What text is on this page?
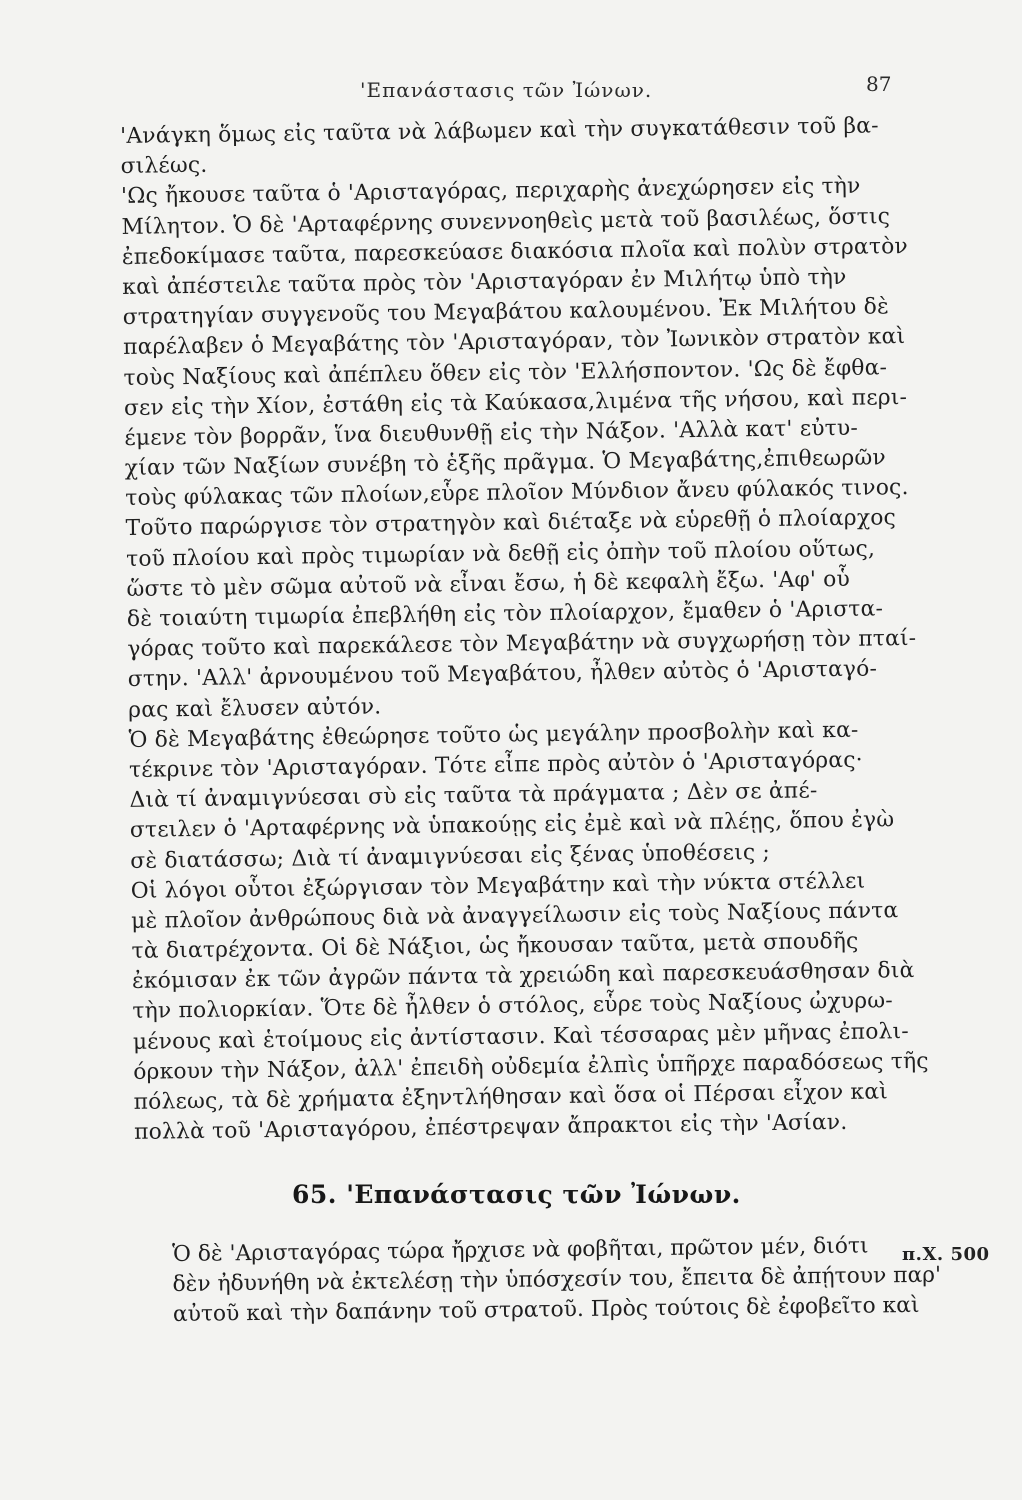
'Επανάστασις τῶν Ἰώνων.	87
'Ανάγκη ὅμως εἰς ταῦτα νὰ λάβωμεν καὶ τὴν συγκατάθεσιν τοῦ βα-
σιλέως.
'Ως ἤκουσε ταῦτα ὁ 'Αρισταγόρας, περιχαρὴς ἀνεχώρησεν εἰς τὴν
Μίλητον. Ὁ δὲ 'Αρταφέρνης συνεννοηθεὶς μετὰ τοῦ βασιλέως, ὅστις
ἐπεδοκίμασε ταῦτα, παρεσκεύασε διακόσια πλοῖα καὶ πολὺν στρατὸν
καὶ ἀπέστειλε ταῦτα πρὸς τὸν 'Αρισταγόραν ἐν Μιλήτῳ ὑπὸ τὴν
στρατηγίαν συγγενοῦς του Μεγαβάτου καλουμένου. Ἐκ Μιλήτου δὲ
παρέλαβεν ὁ Μεγαβάτης τὸν 'Αρισταγόραν, τὸν Ἰωνικὸν στρατὸν καὶ
τοὺς Ναξίους καὶ ἀπέπλευ ὅθεν εἰς τὸν 'Ελλήσποντον. 'Ως δὲ ἔφθα-
σεν εἰς τὴν Χίον, ἐστάθη εἰς τὰ Καύκασα,λιμένα τῆς νήσου, καὶ περι-
έμενε τὸν βορρᾶν, ἵνα διευθυνθῇ εἰς τὴν Νάξον. 'Αλλὰ κατ' εὐτυ-
χίαν τῶν Ναξίων συνέβη τὸ ἑξῆς πρᾶγμα. Ὁ Μεγαβάτης,ἐπιθεωρῶν
τοὺς φύλακας τῶν πλοίων,εὗρε πλοῖον Μύνδιον ἄνευ φύλακός τινος.
Τοῦτο παρώργισε τὸν στρατηγὸν καὶ διέταξε νὰ εὑρεθῇ ὁ πλοίαρχος
τοῦ πλοίου καὶ πρὸς τιμωρίαν νὰ δεθῇ εἰς ὀπὴν τοῦ πλοίου οὕτως,
ὥστε τὸ μὲν σῶμα αὐτοῦ νὰ εἶναι ἔσω, ἡ δὲ κεφαλὴ ἔξω. 'Αφ' οὗ
δὲ τοιαύτη τιμωρία ἐπεβλήθη εἰς τὸν πλοίαρχον, ἔμαθεν ὁ 'Αριστα-
γόρας τοῦτο καὶ παρεκάλεσε τὸν Μεγαβάτην νὰ συγχωρήσῃ τὸν πταί-
στην. 'Αλλ' ἀρνουμένου τοῦ Μεγαβάτου, ἦλθεν αὐτὸς ὁ 'Αρισταγό-
ρας καὶ ἔλυσεν αὐτόν.
Ὁ δὲ Μεγαβάτης ἐθεώρησε τοῦτο ὡς μεγάλην προσβολὴν καὶ κα-
τέκρινε τὸν 'Αρισταγόραν. Τότε εἶπε πρὸς αὐτὸν ὁ 'Αρισταγόρας·
Διὰ τί ἀναμιγνύεσαι σὺ εἰς ταῦτα τὰ πράγματα ; Δὲν σε ἀπέ-
στειλεν ὁ 'Αρταφέρνης νὰ ὑπακούῃς εἰς ἐμὲ καὶ νὰ πλέῃς, ὅπου ἐγὼ
σὲ διατάσσω; Διὰ τί ἀναμιγνύεσαι εἰς ξένας ὑποθέσεις ;
Οἱ λόγοι οὗτοι ἐξώργισαν τὸν Μεγαβάτην καὶ τὴν νύκτα στέλλει
μὲ πλοῖον ἀνθρώπους διὰ νὰ ἀναγγείλωσιν εἰς τοὺς Ναξίους πάντα
τὰ διατρέχοντα. Οἱ δὲ Νάξιοι, ὡς ἤκουσαν ταῦτα, μετὰ σπουδῆς
ἐκόμισαν ἐκ τῶν ἀγρῶν πάντα τὰ χρειώδη καὶ παρεσκευάσθησαν διὰ
τὴν πολιορκίαν. Ὅτε δὲ ἦλθεν ὁ στόλος, εὗρε τοὺς Ναξίους ὠχυρω-
μένους καὶ ἑτοίμους εἰς ἀντίστασιν. Καὶ τέσσαρας μὲν μῆνας ἐπολι-
όρκουν τὴν Νάξον, ἀλλ' ἐπειδὴ οὐδεμία ἐλπὶς ὑπῆρχε παραδόσεως τῆς
πόλεως, τὰ δὲ χρήματα ἐξηντλήθησαν καὶ ὅσα οἱ Πέρσαι εἶχον καὶ
πολλὰ τοῦ 'Αρισταγόρου, ἐπέστρεψαν ἄπρακτοι εἰς τὴν 'Ασίαν.
65. 'Επανάστασις τῶν Ἰώνων.
Ὁ δὲ 'Αρισταγόρας τώρα ἤρχισε νὰ φοβῆται, πρῶτον μέν, διότι
δὲν ἠδυνήθη νὰ ἐκτελέσῃ τὴν ὑπόσχεσίν του, ἔπειτα δὲ ἀπῄτουν παρ'
αὐτοῦ καὶ τὴν δαπάνην τοῦ στρατοῦ. Πρὸς τούτοις δὲ ἐφοβεῖτο καὶ
π.Χ. 500
